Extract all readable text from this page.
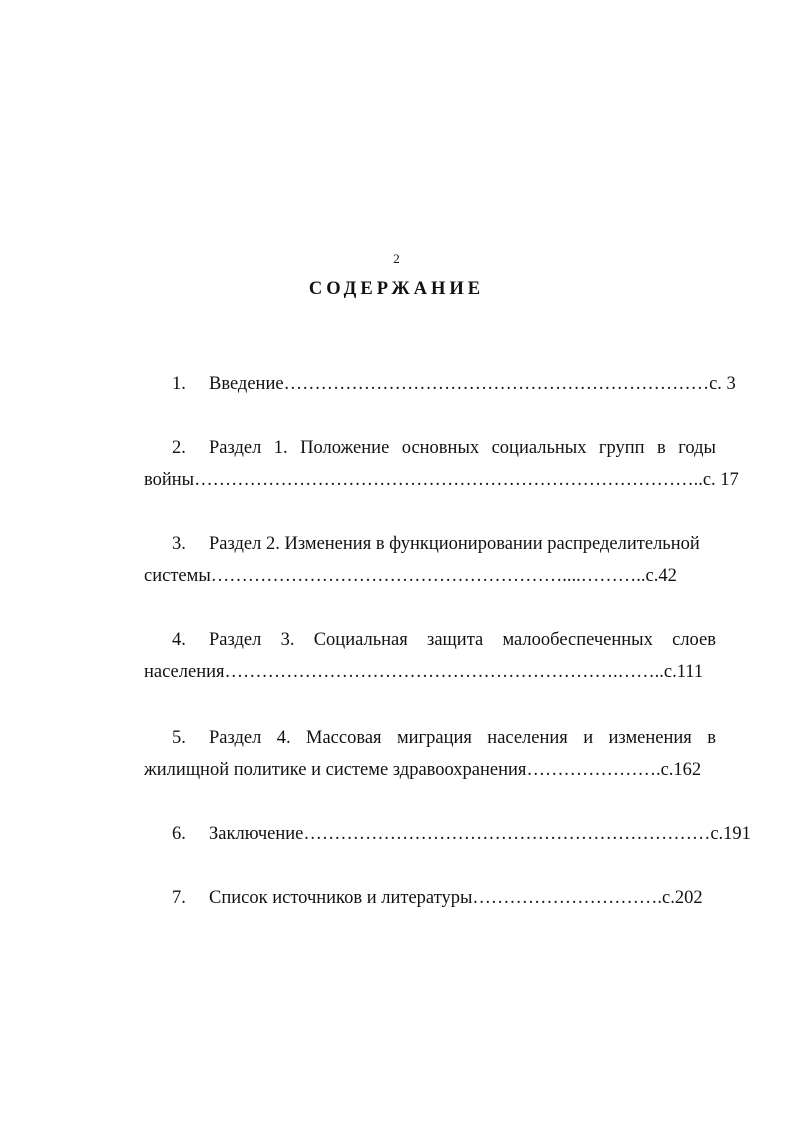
2
СОДЕРЖАНИЕ
1. Введение……………………………………………………………с. 3
2. Раздел 1. Положение основных социальных групп в годы
войны………………………………………………………………………..с. 17
3. Раздел 2. Изменения в функционировании распределительной
системы…………………………………………………....………..с.42
4. Раздел 3. Социальная защита малообеспеченных слоев
населения……………………………………………………….……..с.111
5. Раздел 4. Массовая миграция населения и изменения в
жилищной политике и системе здравоохранения………………….с.162
6. Заключение…………………………………………………………с.191
7. Список источников и литературы………………………….с.202
